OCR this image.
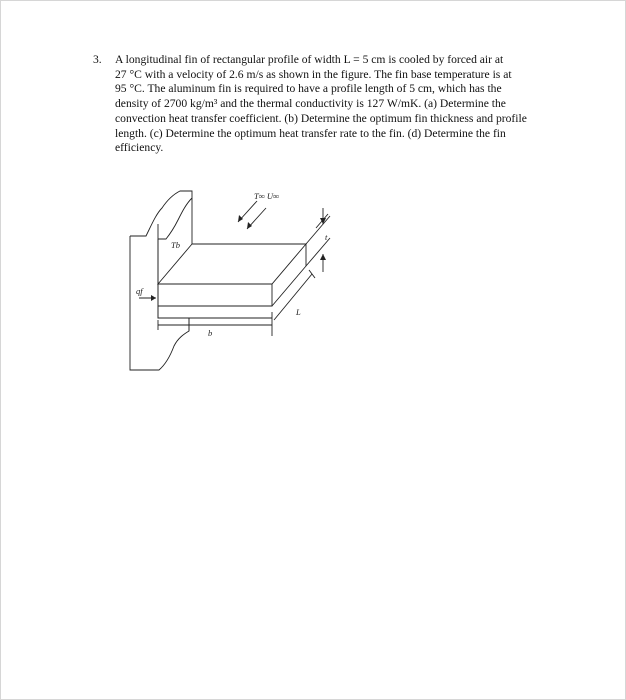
3. A longitudinal fin of rectangular profile of width L = 5 cm is cooled by forced air at
27 °C with a velocity of 2.6 m/s as shown in the figure. The fin base temperature is at
95 °C. The aluminum fin is required to have a profile length of 5 cm, which has the
density of 2700 kg/m³ and the thermal conductivity is 127 W/mK. (a) Determine the
convection heat transfer coefficient. (b) Determine the optimum fin thickness and profile
length. (c) Determine the optimum heat transfer rate to the fin. (d) Determine the fin
efficiency.
T∞ U∞
Tb
qf
t
b
L
